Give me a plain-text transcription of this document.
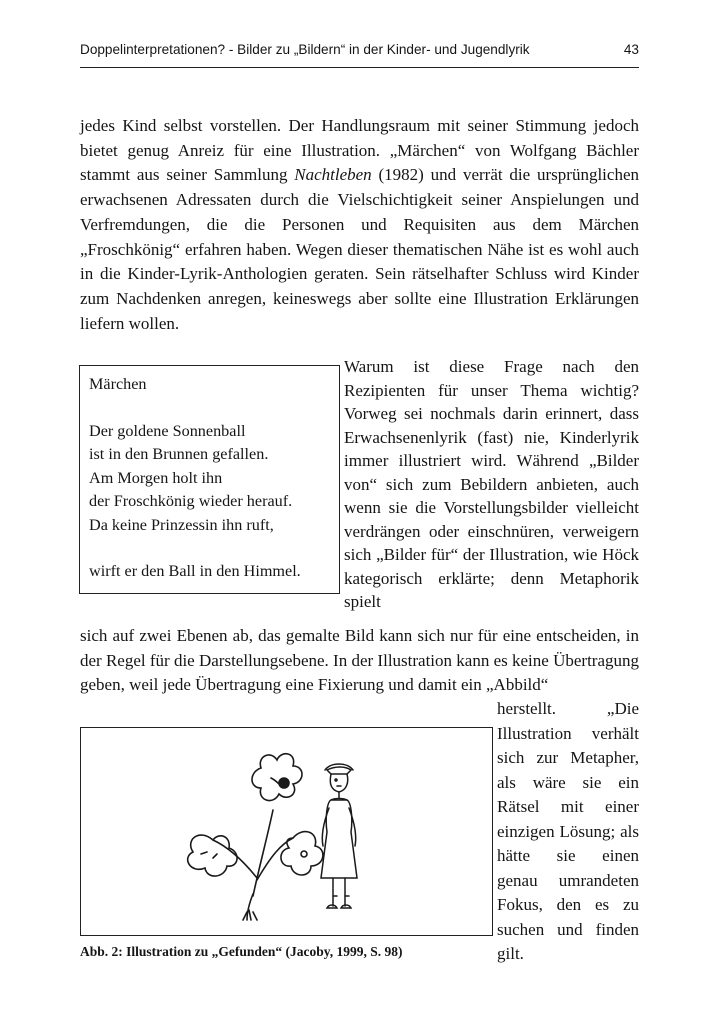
Doppelinterpretationen? - Bilder zu „Bildern“ in der Kinder- und Jugendlyrik	43

jedes Kind selbst vorstellen. Der Handlungsraum mit seiner Stimmung jedoch bietet genug Anreiz für eine Illustration. „Märchen“ von Wolfgang Bächler stammt aus seiner Sammlung Nachtleben (1982) und verrät die ursprünglichen erwachsenen Adressaten durch die Vielschichtigkeit seiner Anspielungen und Verfremdungen, die die Personen und Requisiten aus dem Märchen „Froschkönig“ erfahren haben. Wegen dieser thematischen Nähe ist es wohl auch in die Kinder-Lyrik-Anthologien geraten. Sein rätselhafter Schluss wird Kinder zum Nachdenken anregen, keineswegs aber sollte eine Illustration Erklärungen liefern wollen.

Märchen
Der goldene Sonnenball
ist in den Brunnen gefallen.
Am Morgen holt ihn
der Froschkönig wieder herauf.
Da keine Prinzessin ihn ruft,
wirft er den Ball in den Himmel.

Warum ist diese Frage nach den Rezipienten für unser Thema wichtig? Vorweg sei nochmals darin erinnert, dass Erwachsenenlyrik (fast) nie, Kinderlyrik immer illustriert wird. Während „Bilder von“ sich zum Bebildern anbieten, auch wenn sie die Vorstellungsbilder vielleicht verdrängen oder einschnüren, verweigern sich „Bilder für“ der Illustration, wie Höck kategorisch erklärte; denn Metaphorik spielt

sich auf zwei Ebenen ab, das gemalte Bild kann sich nur für eine entscheiden, in der Regel für die Darstellungsebene. In der Illustration kann es keine Übertragung geben, weil jede Übertragung eine Fixierung und damit ein „Abbild“

herstellt. „Die Illustration verhält sich zur Metapher, als wäre sie ein Rätsel mit einer einzigen Lösung; als hätte sie einen genau umrandeten Fokus, den es zu suchen und finden gilt.

Abb. 2: Illustration zu „Gefunden“ (Jacoby, 1999, S. 98)
